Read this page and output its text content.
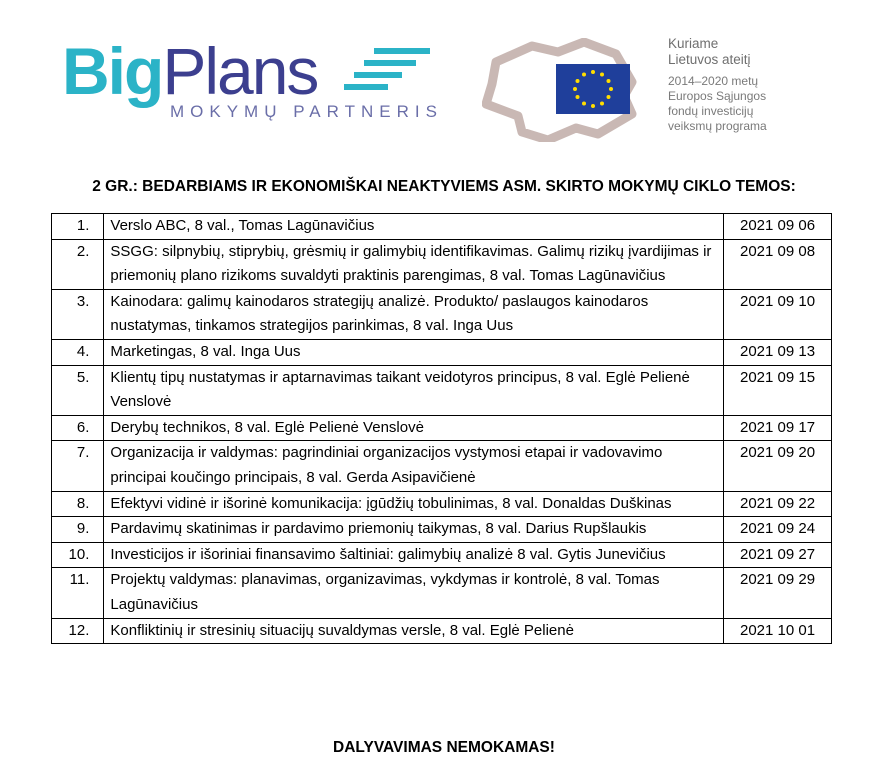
BigPlans
MOKYMŲ PARTNERIS
Kuriame
Lietuvos ateitį
2014–2020 metų
Europos Sąjungos
fondų investicijų
veiksmų programa
2 GR.: BEDARBIAMS IR EKONOMIŠKAI NEAKTYVIEMS ASM. SKIRTO MOKYMŲ CIKLO TEMOS:
1.	Verslo ABC, 8 val., Tomas Lagūnavičius	2021 09 06
2.	SSGG: silpnybių, stiprybių, grėsmių ir galimybių identifikavimas. Galimų rizikų įvardijimas ir priemonių plano rizikoms suvaldyti praktinis parengimas, 8 val. Tomas Lagūnavičius	2021 09 08
3.	Kainodara: galimų kainodaros strategijų analizė. Produkto/ paslaugos kainodaros nustatymas, tinkamos strategijos parinkimas, 8 val. Inga Uus	2021 09 10
4.	Marketingas, 8 val. Inga Uus	2021 09 13
5.	Klientų tipų nustatymas ir aptarnavimas taikant veidotyros principus, 8 val. Eglė Pelienė Venslovė	2021 09 15
6.	Derybų technikos, 8 val. Eglė Pelienė Venslovė	2021 09 17
7.	Organizacija ir valdymas: pagrindiniai organizacijos vystymosi etapai ir vadovavimo principai koučingo principais, 8 val. Gerda Asipavičienė	2021 09 20
8.	Efektyvi vidinė ir išorinė komunikacija: įgūdžių tobulinimas, 8 val. Donaldas Duškinas	2021 09 22
9.	Pardavimų skatinimas ir pardavimo priemonių taikymas, 8 val. Darius Rupšlaukis	2021 09 24
10.	Investicijos ir išoriniai finansavimo šaltiniai: galimybių analizė 8 val. Gytis Junevičius	2021 09 27
11.	Projektų valdymas: planavimas, organizavimas, vykdymas ir kontrolė, 8 val. Tomas Lagūnavičius	2021 09 29
12.	Konfliktinių ir stresinių situacijų suvaldymas versle, 8 val. Eglė Pelienė	2021 10 01
DALYVAVIMAS NEMOKAMAS!
